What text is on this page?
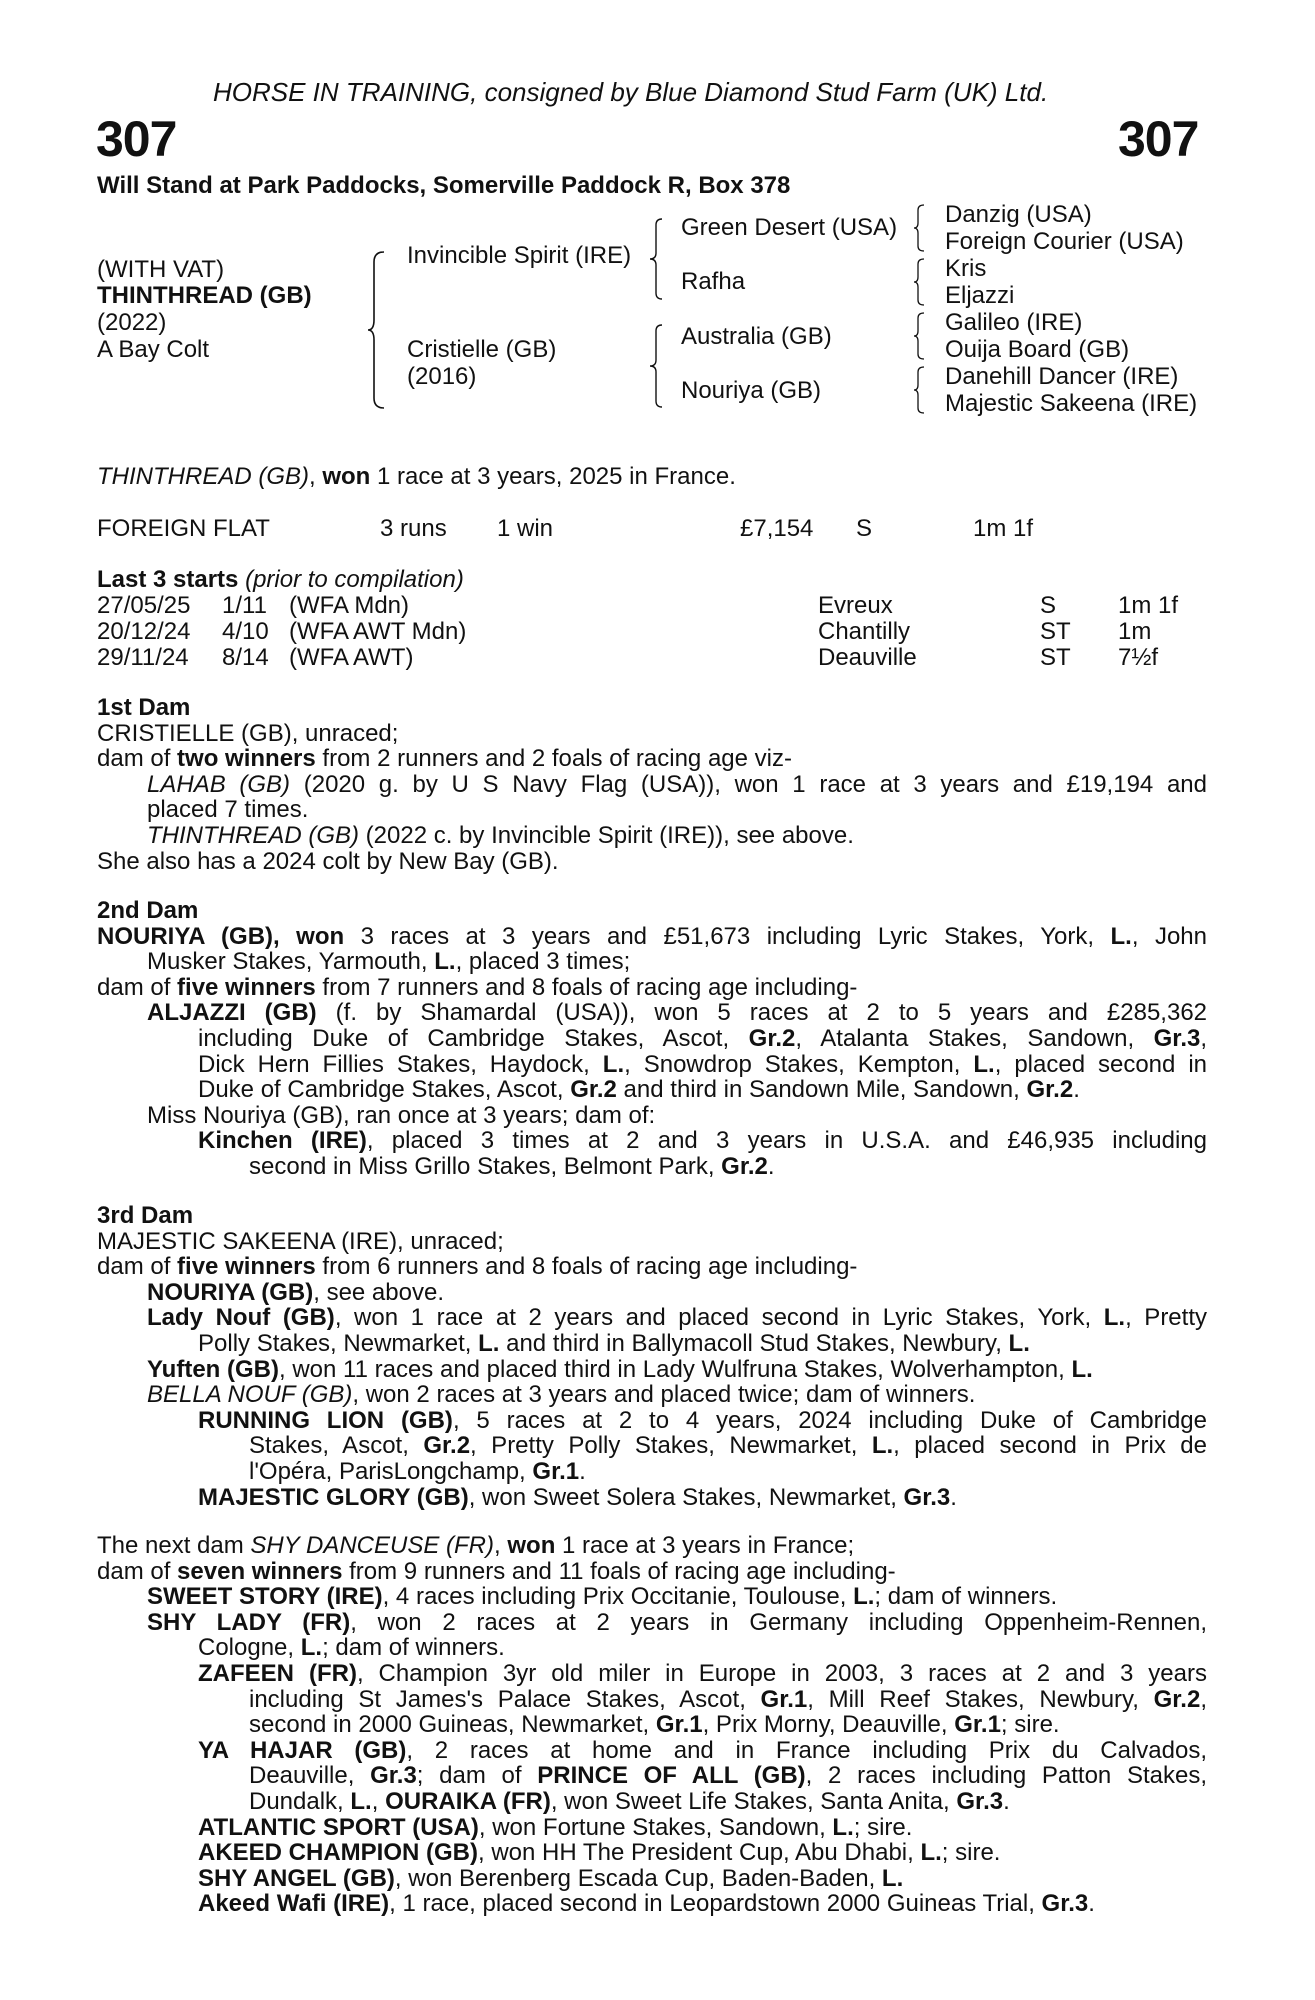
HORSE IN TRAINING, consigned by Blue Diamond Stud Farm (UK) Ltd.
307	307
Will Stand at Park Paddocks, Somerville Paddock R, Box 378
(WITH VAT)
THINTHREAD (GB)
(2022)
A Bay Colt
Invincible Spirit (IRE)
Cristielle (GB)
(2016)
Green Desert (USA)
Rafha
Australia (GB)
Nouriya (GB)
Danzig (USA)
Foreign Courier (USA)
Kris
Eljazzi
Galileo (IRE)
Ouija Board (GB)
Danehill Dancer (IRE)
Majestic Sakeena (IRE)
THINTHREAD (GB), won 1 race at 3 years, 2025 in France.
FOREIGN FLAT	3 runs 1 win	£7,154 S	1m 1f
Last 3 starts (prior to compilation)
27/05/25 1/11 (WFA Mdn)	Evreux	S	1m 1f
20/12/24 4/10 (WFA AWT Mdn)	Chantilly	ST 1m
29/11/24 8/14 (WFA AWT)	Deauville	ST 7½f
1st Dam
CRISTIELLE (GB), unraced;
dam of two winners from 2 runners and 2 foals of racing age viz-
LAHAB (GB) (2020 g. by U S Navy Flag (USA)), won 1 race at 3 years and £19,194 and
placed 7 times.
THINTHREAD (GB) (2022 c. by Invincible Spirit (IRE)), see above.
She also has a 2024 colt by New Bay (GB).
2nd Dam
NOURIYA (GB), won 3 races at 3 years and £51,673 including Lyric Stakes, York, L., John
Musker Stakes, Yarmouth, L., placed 3 times;
dam of five winners from 7 runners and 8 foals of racing age including-
ALJAZZI (GB) (f. by Shamardal (USA)), won 5 races at 2 to 5 years and £285,362
including Duke of Cambridge Stakes, Ascot, Gr.2, Atalanta Stakes, Sandown, Gr.3,
Dick Hern Fillies Stakes, Haydock, L., Snowdrop Stakes, Kempton, L., placed second in
Duke of Cambridge Stakes, Ascot, Gr.2 and third in Sandown Mile, Sandown, Gr.2.
Miss Nouriya (GB), ran once at 3 years; dam of:
Kinchen (IRE), placed 3 times at 2 and 3 years in U.S.A. and £46,935 including
second in Miss Grillo Stakes, Belmont Park, Gr.2.
3rd Dam
MAJESTIC SAKEENA (IRE), unraced;
dam of five winners from 6 runners and 8 foals of racing age including-
NOURIYA (GB), see above.
Lady Nouf (GB), won 1 race at 2 years and placed second in Lyric Stakes, York, L., Pretty
Polly Stakes, Newmarket, L. and third in Ballymacoll Stud Stakes, Newbury, L.
Yuften (GB), won 11 races and placed third in Lady Wulfruna Stakes, Wolverhampton, L.
BELLA NOUF (GB), won 2 races at 3 years and placed twice; dam of winners.
RUNNING LION (GB), 5 races at 2 to 4 years, 2024 including Duke of Cambridge
Stakes, Ascot, Gr.2, Pretty Polly Stakes, Newmarket, L., placed second in Prix de
l'Opéra, ParisLongchamp, Gr.1.
MAJESTIC GLORY (GB), won Sweet Solera Stakes, Newmarket, Gr.3.
The next dam SHY DANCEUSE (FR), won 1 race at 3 years in France;
dam of seven winners from 9 runners and 11 foals of racing age including-
SWEET STORY (IRE), 4 races including Prix Occitanie, Toulouse, L.; dam of winners.
SHY LADY (FR), won 2 races at 2 years in Germany including Oppenheim-Rennen,
Cologne, L.; dam of winners.
ZAFEEN (FR), Champion 3yr old miler in Europe in 2003, 3 races at 2 and 3 years
including St James's Palace Stakes, Ascot, Gr.1, Mill Reef Stakes, Newbury, Gr.2,
second in 2000 Guineas, Newmarket, Gr.1, Prix Morny, Deauville, Gr.1; sire.
YA HAJAR (GB), 2 races at home and in France including Prix du Calvados,
Deauville, Gr.3; dam of PRINCE OF ALL (GB), 2 races including Patton Stakes,
Dundalk, L., OURAIKA (FR), won Sweet Life Stakes, Santa Anita, Gr.3.
ATLANTIC SPORT (USA), won Fortune Stakes, Sandown, L.; sire.
AKEED CHAMPION (GB), won HH The President Cup, Abu Dhabi, L.; sire.
SHY ANGEL (GB), won Berenberg Escada Cup, Baden-Baden, L.
Akeed Wafi (IRE), 1 race, placed second in Leopardstown 2000 Guineas Trial, Gr.3.
